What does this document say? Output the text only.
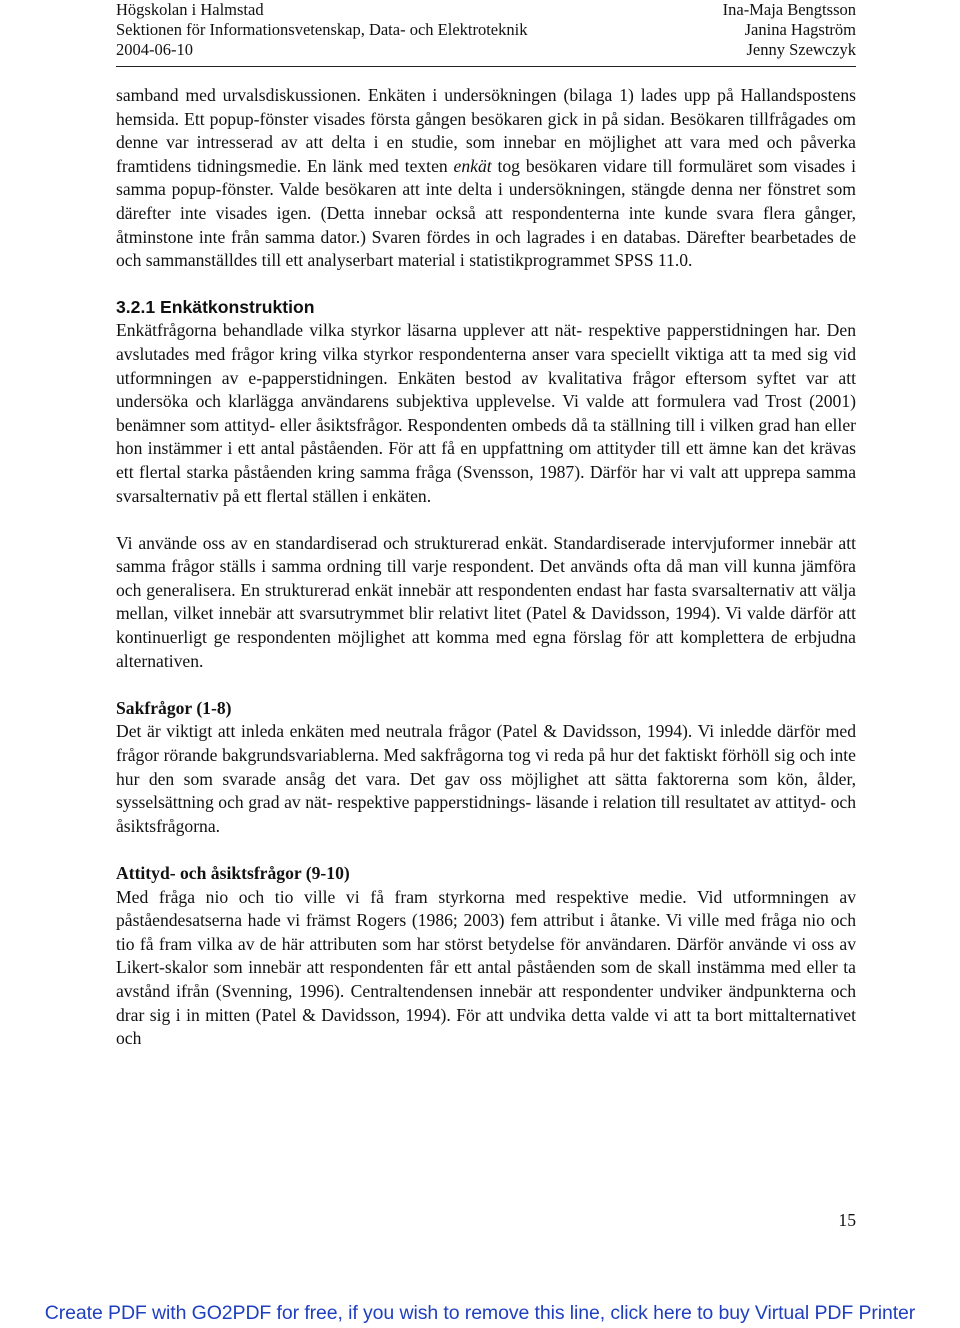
Högskolan i Halmstad
Sektionen för Informationsvetenskap, Data- och Elektroteknik
2004-06-10
Ina-Maja Bengtsson
Janina Hagström
Jenny Szewczyk

samband med urvalsdiskussionen. Enkäten i undersökningen (bilaga 1) lades upp på Hallandspostens hemsida. Ett popup-fönster visades första gången besökaren gick in på sidan. Besökaren tillfrågades om denne var intresserad av att delta i en studie, som innebar en möjlighet att vara med och påverka framtidens tidningsmedie. En länk med texten enkät tog besökaren vidare till formuläret som visades i samma popup-fönster. Valde besökaren att inte delta i undersökningen, stängde denna ner fönstret som därefter inte visades igen. (Detta innebar också att respondenterna inte kunde svara flera gånger, åtminstone inte från samma dator.) Svaren fördes in och lagrades i en databas. Därefter bearbetades de och sammanställdes till ett analyserbart material i statistikprogrammet SPSS 11.0.

3.2.1 Enkätkonstruktion

Enkätfrågorna behandlade vilka styrkor läsarna upplever att nät- respektive papperstidningen har. Den avslutades med frågor kring vilka styrkor respondenterna anser vara speciellt viktiga att ta med sig vid utformningen av e-papperstidningen. Enkäten bestod av kvalitativa frågor eftersom syftet var att undersöka och klarlägga användarens subjektiva upplevelse. Vi valde att formulera vad Trost (2001) benämner som attityd- eller åsiktsfrågor. Respondenten ombeds då ta ställning till i vilken grad han eller hon instämmer i ett antal påståenden. För att få en uppfattning om attityder till ett ämne kan det krävas ett flertal starka påståenden kring samma fråga (Svensson, 1987). Därför har vi valt att upprepa samma svarsalternativ på ett flertal ställen i enkäten.

Vi använde oss av en standardiserad och strukturerad enkät. Standardiserade intervjuformer innebär att samma frågor ställs i samma ordning till varje respondent. Det används ofta då man vill kunna jämföra och generalisera. En strukturerad enkät innebär att respondenten endast har fasta svarsalternativ att välja mellan, vilket innebär att svarsutrymmet blir relativt litet (Patel & Davidsson, 1994). Vi valde därför att kontinuerligt ge respondenten möjlighet att komma med egna förslag för att komplettera de erbjudna alternativen.

Sakfrågor (1-8)

Det är viktigt att inleda enkäten med neutrala frågor (Patel & Davidsson, 1994). Vi inledde därför med frågor rörande bakgrundsvariablerna. Med sakfrågorna tog vi reda på hur det faktiskt förhöll sig och inte hur den som svarade ansåg det vara. Det gav oss möjlighet att sätta faktorerna som kön, ålder, sysselsättning och grad av nät- respektive papperstidnings- läsande i relation till resultatet av attityd- och åsiktsfrågorna.

Attityd- och åsiktsfrågor (9-10)

Med fråga nio och tio ville vi få fram styrkorna med respektive medie. Vid utformningen av påståendesatserna hade vi främst Rogers (1986; 2003) fem attribut i åtanke. Vi ville med fråga nio och tio få fram vilka av de här attributen som har störst betydelse för användaren. Därför använde vi oss av Likert-skalor som innebär att respondenten får ett antal påståenden som de skall instämma med eller ta avstånd ifrån (Svenning, 1996). Centraltendensen innebär att respondenter undviker ändpunkterna och drar sig i in mitten (Patel & Davidsson, 1994). För att undvika detta valde vi att ta bort mittalternativet och

15
Create PDF with GO2PDF for free, if you wish to remove this line, click here to buy Virtual PDF Printer
